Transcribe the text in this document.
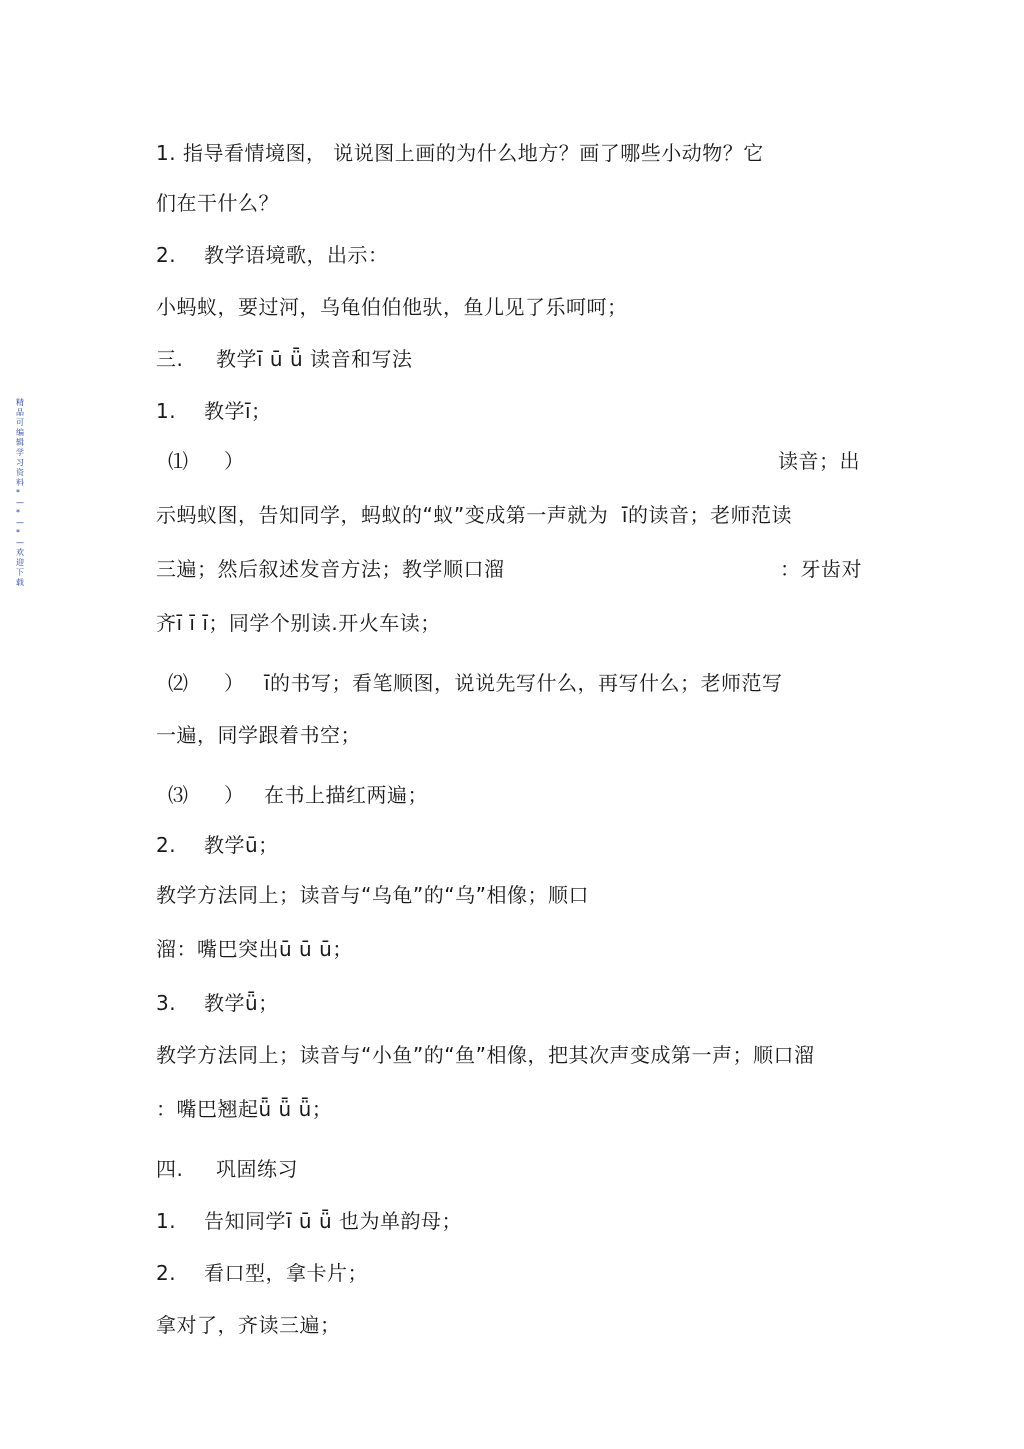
精品可编辑学习资料 * — * — * — 欢迎下载
1. 指导看情境图， 说说图上画的为什么地方？画了哪些小动物？它
们在干什么？
2. 教学语境歌，出示：
小蚂蚁，要过河，乌龟伯伯他驮，鱼儿见了乐呵呵；
三. 教学ī ū ǖ 读音和写法
1. 教学ī；
⑴ ）	读音；出
示蚂蚁图，告知同学，蚂蚁的“蚁”变成第一声就为  ī的读音；老师范读
三遍；然后叙述发音方法；教学顺口溜	：牙齿对
齐ī ī ī；同学个别读.开火车读；
⑵ ） ī的书写；看笔顺图，说说先写什么，再写什么；老师范写
一遍，同学跟着书空；
⑶ ） 在书上描红两遍；
2. 教学ū；
教学方法同上；读音与“乌龟”的“乌”相像；顺口
溜：嘴巴突出ū ū ū；
3. 教学ǖ；
教学方法同上；读音与“小鱼”的“鱼”相像，把其次声变成第一声；顺口溜
：嘴巴翘起ǖ ǖ ǖ；
四. 巩固练习
1. 告知同学ī ū ǖ 也为单韵母；
2. 看口型，拿卡片；
拿对了，齐读三遍；
